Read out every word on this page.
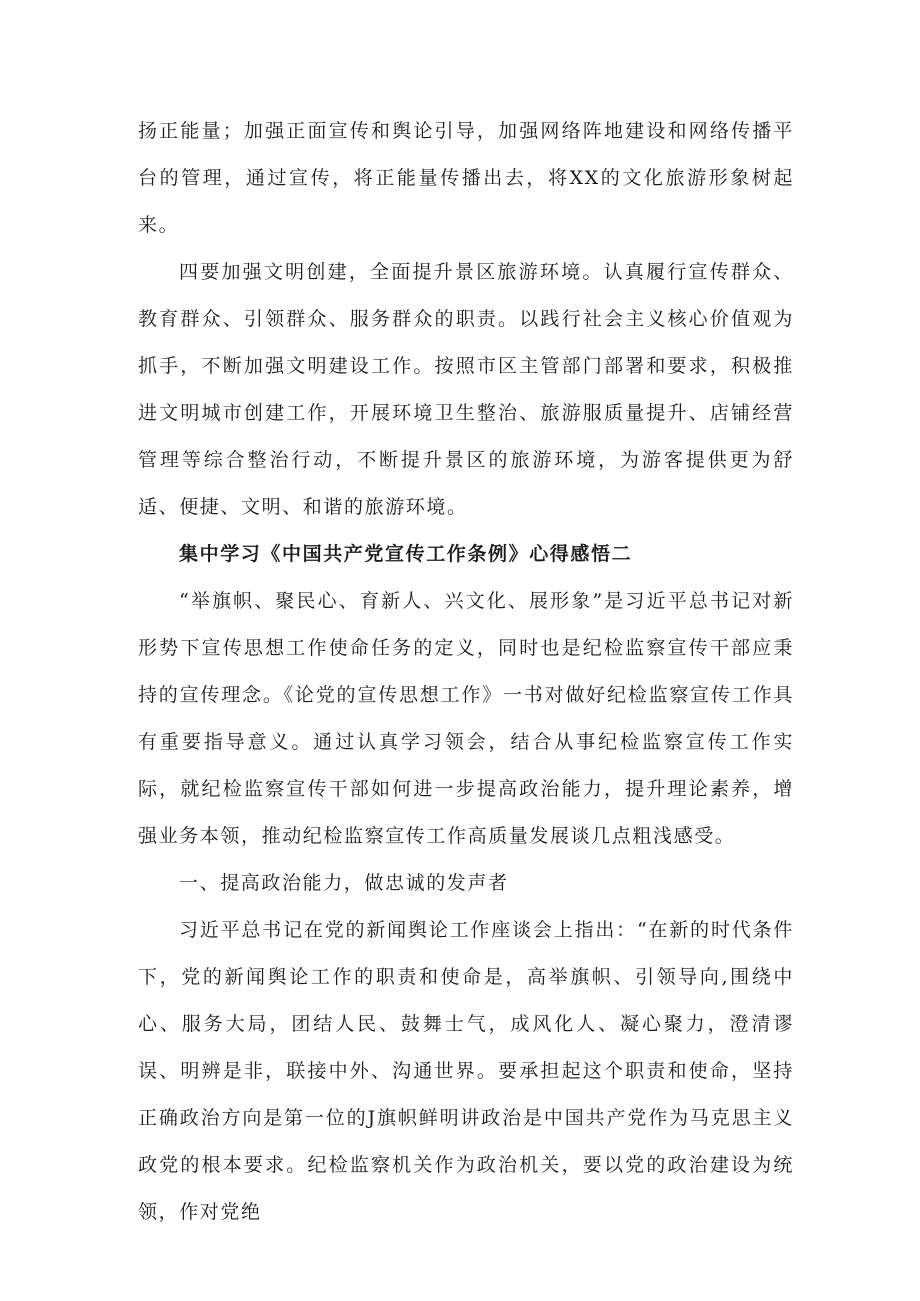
扬正能量；加强正面宣传和舆论引导，加强网络阵地建设和网络传播平台的管理，通过宣传，将正能量传播出去，将XX的文化旅游形象树起来。

四要加强文明创建，全面提升景区旅游环境。认真履行宣传群众、教育群众、引领群众、服务群众的职责。以践行社会主义核心价值观为抓手，不断加强文明建设工作。按照市区主管部门部署和要求，积极推进文明城市创建工作，开展环境卫生整治、旅游服质量提升、店铺经营管理等综合整治行动，不断提升景区的旅游环境，为游客提供更为舒适、便捷、文明、和谐的旅游环境。

集中学习《中国共产党宣传工作条例》心得感悟二

“举旗帜、聚民心、育新人、兴文化、展形象”是习近平总书记对新形势下宣传思想工作使命任务的定义，同时也是纪检监察宣传干部应秉持的宣传理念。《论党的宣传思想工作》一书对做好纪检监察宣传工作具有重要指导意义。通过认真学习领会，结合从事纪检监察宣传工作实际，就纪检监察宣传干部如何进一步提高政治能力，提升理论素养，增强业务本领，推动纪检监察宣传工作高质量发展谈几点粗浅感受。

一、提高政治能力，做忠诚的发声者

习近平总书记在党的新闻舆论工作座谈会上指出：“在新的时代条件下，党的新闻舆论工作的职责和使命是，高举旗帜、引领导向,围绕中心、服务大局，团结人民、鼓舞士气，成风化人、凝心聚力，澄清谬误、明辨是非，联接中外、沟通世界。要承担起这个职责和使命，坚持正确政治方向是第一位的J旗帜鲜明讲政治是中国共产党作为马克思主义政党的根本要求。纪检监察机关作为政治机关，要以党的政治建设为统领，作对党绝
